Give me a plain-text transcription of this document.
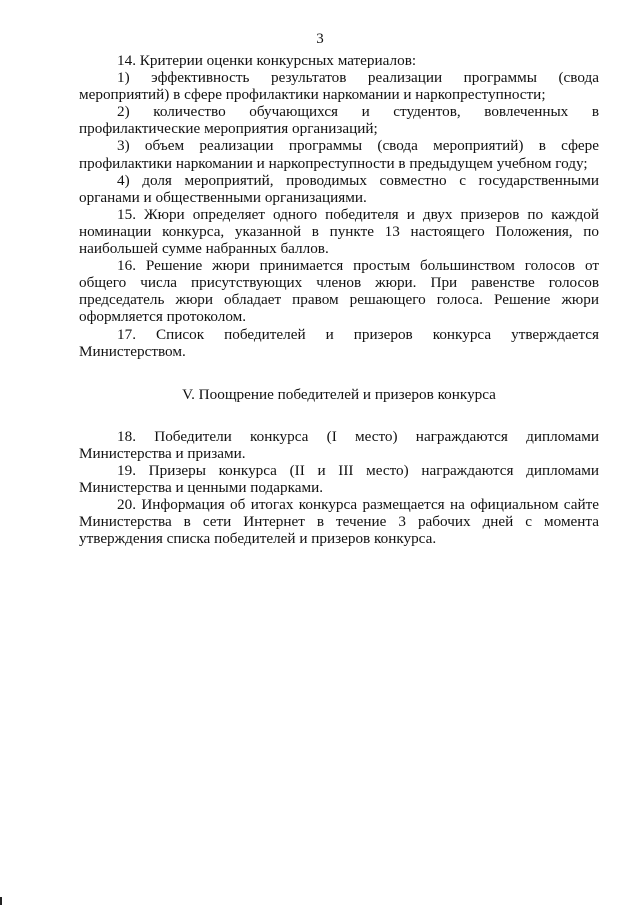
3

14. Критерии оценки конкурсных материалов:

1) эффективность результатов реализации программы (свода мероприятий) в сфере профилактики наркомании и наркопреступности;

2) количество обучающихся и студентов, вовлеченных в профилактические мероприятия организаций;

3) объем реализации программы (свода мероприятий) в сфере профилактики наркомании и наркопреступности в предыдущем учебном году;

4) доля мероприятий, проводимых совместно с государственными органами и общественными организациями.

15. Жюри определяет одного победителя и двух призеров по каждой номинации конкурса, указанной в пункте 13 настоящего Положения, по наибольшей сумме набранных баллов.

16. Решение жюри принимается простым большинством голосов от общего числа присутствующих членов жюри. При равенстве голосов председатель жюри обладает правом решающего голоса. Решение жюри оформляется протоколом.

17. Список победителей и призеров конкурса утверждается Министерством.

V. Поощрение победителей и призеров конкурса

18. Победители конкурса (I место) награждаются дипломами Министерства и призами.

19. Призеры конкурса (II и III место) награждаются дипломами Министерства и ценными подарками.

20. Информация об итогах конкурса размещается на официальном сайте Министерства в сети Интернет в течение 3 рабочих дней с момента утверждения списка победителей и призеров конкурса.
